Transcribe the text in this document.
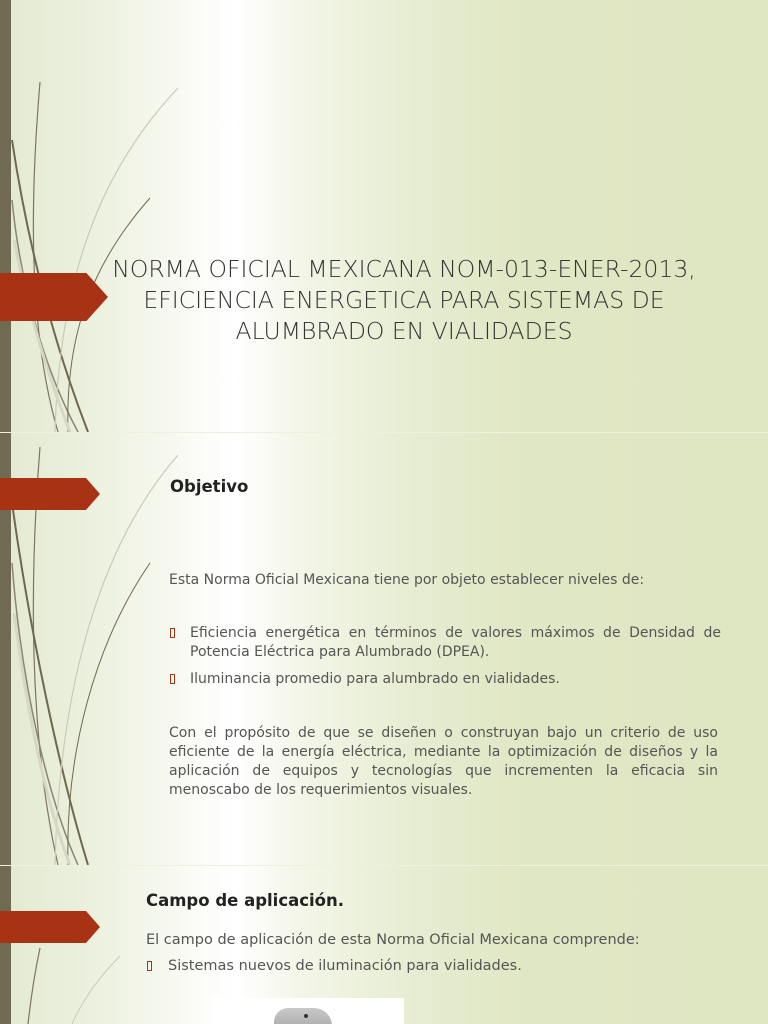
NORMA OFICIAL MEXICANA NOM-013-ENER-2013,
EFICIENCIA ENERGETICA PARA SISTEMAS DE
ALUMBRADO EN VIALIDADES
Objetivo
Esta Norma Oficial Mexicana tiene por objeto establecer niveles de:
Eficiencia energética en términos de valores máximos de Densidad de Potencia Eléctrica para Alumbrado (DPEA).
Iluminancia promedio para alumbrado en vialidades.
Con el propósito de que se diseñen o construyan bajo un criterio de uso eficiente de la energía eléctrica, mediante la optimización de diseños y la aplicación de equipos y tecnologías que incrementen la eficacia sin menoscabo de los requerimientos visuales.
Campo de aplicación.
El campo de aplicación de esta Norma Oficial Mexicana comprende:
Sistemas nuevos de iluminación para vialidades.
